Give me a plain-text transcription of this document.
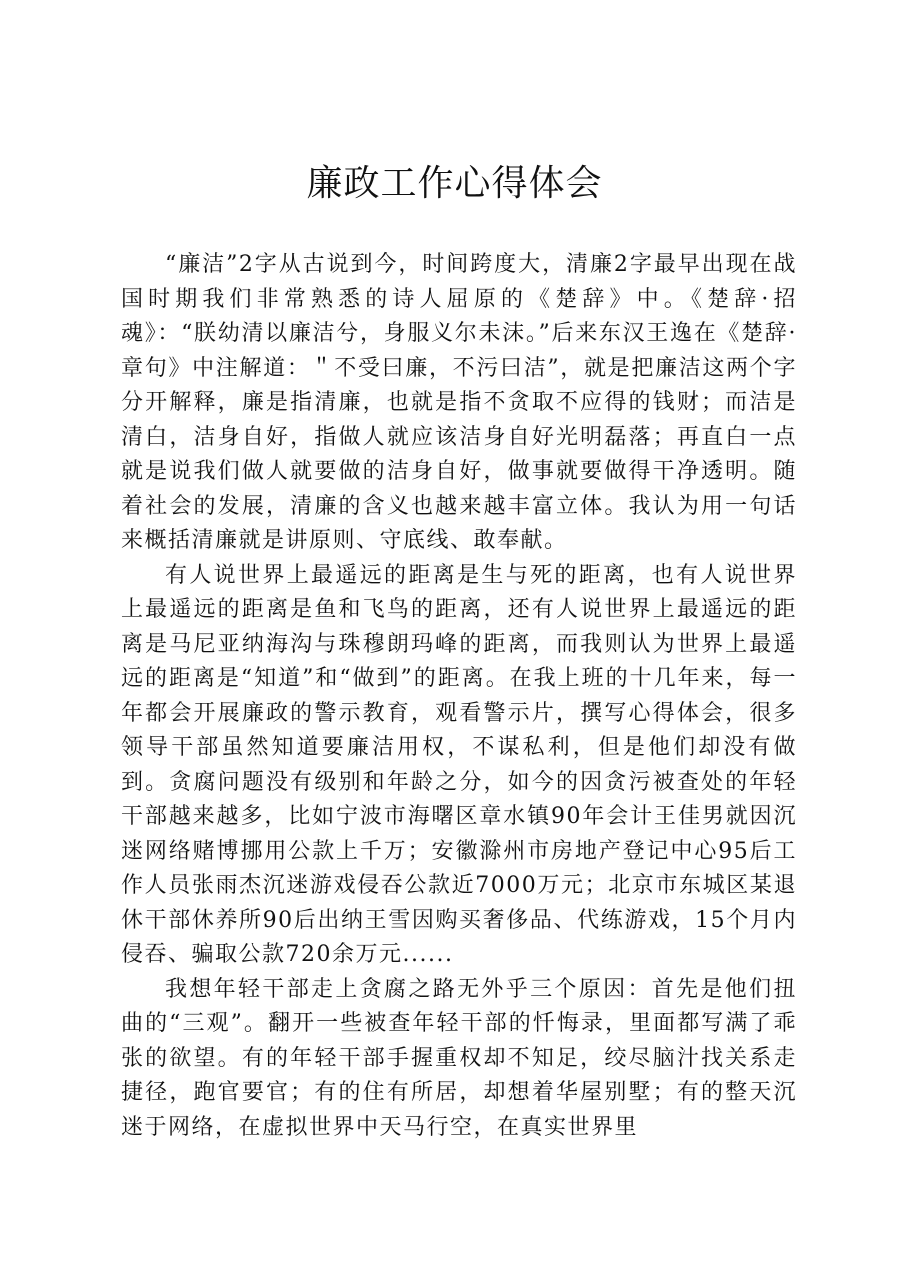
廉政工作心得体会

“廉洁”2字从古说到今，时间跨度大，清廉2字最早出现在战国时期我们非常熟悉的诗人屈原的《楚辞》中。《楚辞·招魂》：“朕幼清以廉洁兮，身服义尔未沫。”后来东汉王逸在《楚辞·章句》中注解道：＂不受曰廉，不污曰洁”，就是把廉洁这两个字分开解释，廉是指清廉，也就是指不贪取不应得的钱财；而洁是清白，洁身自好，指做人就应该洁身自好光明磊落；再直白一点就是说我们做人就要做的洁身自好，做事就要做得干净透明。随着社会的发展，清廉的含义也越来越丰富立体。我认为用一句话来概括清廉就是讲原则、守底线、敢奉献。

有人说世界上最遥远的距离是生与死的距离，也有人说世界上最遥远的距离是鱼和飞鸟的距离，还有人说世界上最遥远的距离是马尼亚纳海沟与珠穆朗玛峰的距离，而我则认为世界上最遥远的距离是“知道”和“做到”的距离。在我上班的十几年来，每一年都会开展廉政的警示教育，观看警示片，撰写心得体会，很多领导干部虽然知道要廉洁用权，不谋私利，但是他们却没有做到。贪腐问题没有级别和年龄之分，如今的因贪污被查处的年轻干部越来越多，比如宁波市海曙区章水镇90年会计王佳男就因沉迷网络赌博挪用公款上千万；安徽滁州市房地产登记中心95后工作人员张雨杰沉迷游戏侵吞公款近7000万元；北京市东城区某退休干部休养所90后出纳王雪因购买奢侈品、代练游戏，15个月内侵吞、骗取公款720余万元......

我想年轻干部走上贪腐之路无外乎三个原因：首先是他们扭曲的“三观”。翻开一些被查年轻干部的忏悔录，里面都写满了乖张的欲望。有的年轻干部手握重权却不知足，绞尽脑汁找关系走捷径，跑官要官；有的住有所居，却想着华屋别墅；有的整天沉迷于网络，在虚拟世界中天马行空，在真实世界里
